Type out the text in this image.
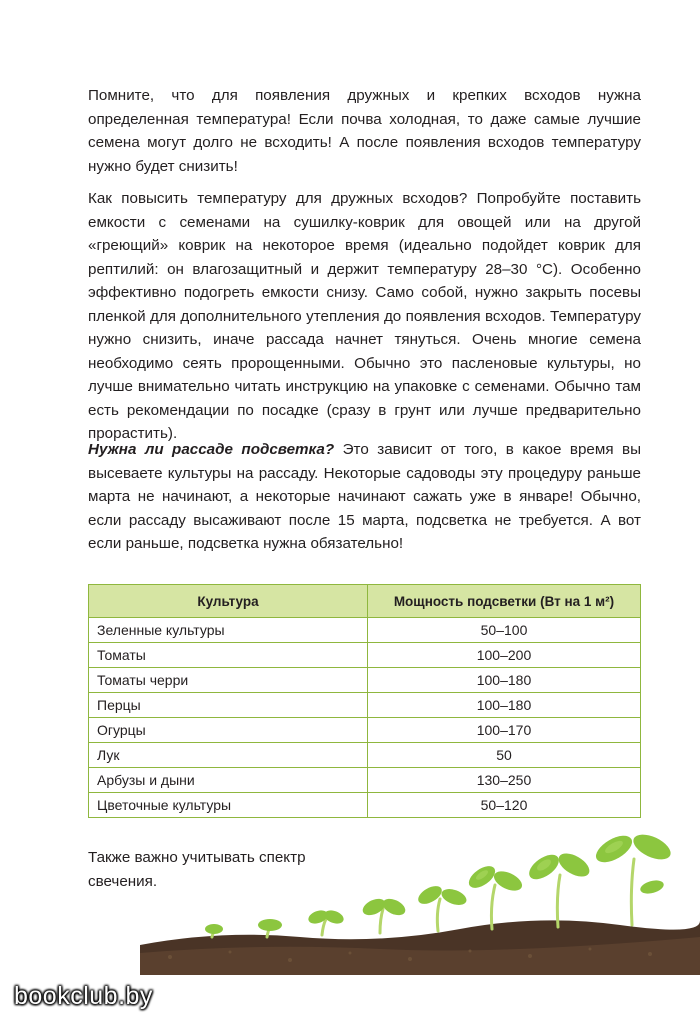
Помните, что для появления дружных и крепких всходов нужна определенная температура! Если почва холодная, то даже самые лучшие семена могут долго не всходить! А после появления всходов температуру нужно будет снизить!

Как повысить температуру для дружных всходов? Попробуйте поставить емкости с семенами на сушилку-коврик для овощей или на другой «греющий» коврик на некоторое время (идеально подойдет коврик для рептилий: он влагозащитный и держит температуру 28–30 °С). Особенно эффективно подогреть емкости снизу. Само собой, нужно закрыть посевы пленкой для дополнительного утепления до появления всходов. Температуру нужно снизить, иначе рассада начнет тянуться. Очень многие семена необходимо сеять пророщенными. Обычно это пасленовые культуры, но лучше внимательно читать инструкцию на упаковке с семенами. Обычно там есть рекомендации по посадке (сразу в грунт или лучше предварительно прорастить).

Нужна ли рассаде подсветка? Это зависит от того, в какое время вы высеваете культуры на рассаду. Некоторые садоводы эту процедуру раньше марта не начинают, а некоторые начинают сажать уже в январе! Обычно, если рассаду высаживают после 15 марта, подсветка не требуется. А вот если раньше, подсветка нужна обязательно!

Культура	Мощность подсветки (Вт на 1 м²)
Зеленные культуры	50–100
Томаты	100–200
Томаты черри	100–180
Перцы	100–180
Огурцы	100–170
Лук	50
Арбузы и дыни	130–250
Цветочные культуры	50–120

Также важно учитывать спектр свечения.

bookclub.by
